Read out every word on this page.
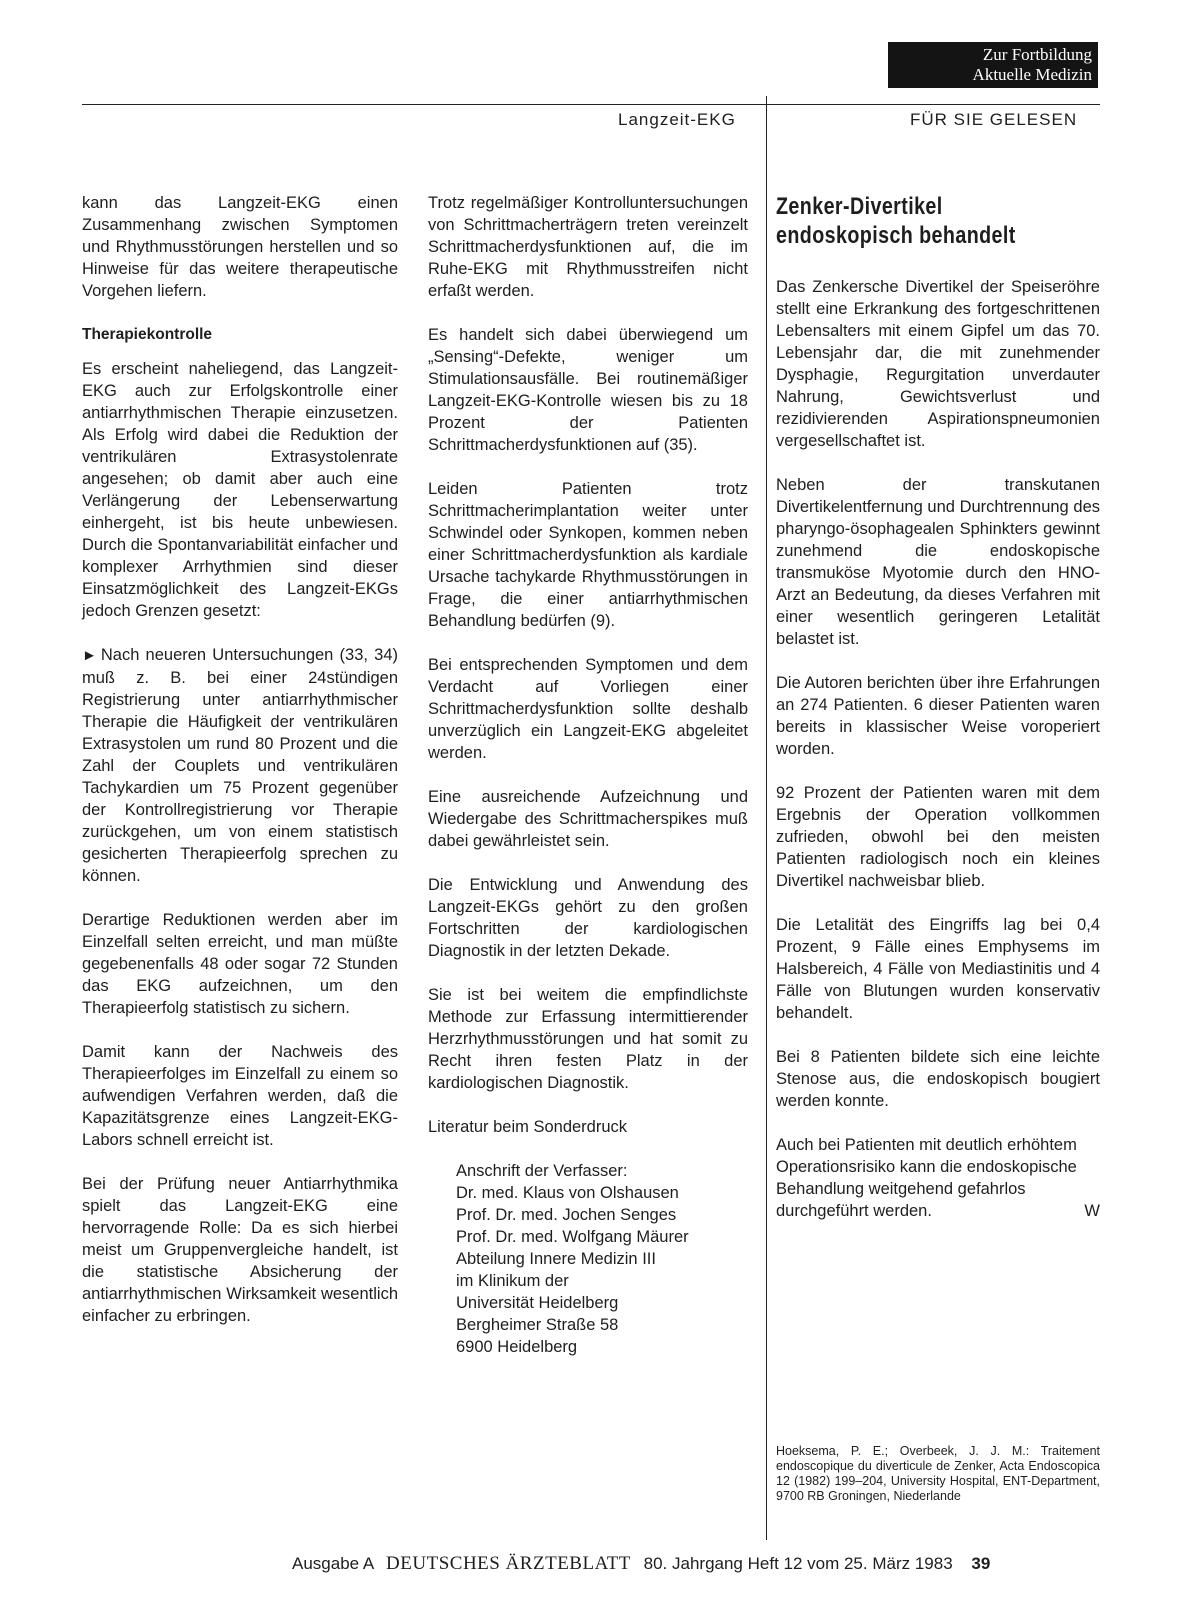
Zur Fortbildung
Aktuelle Medizin
Langzeit-EKG	FÜR SIE GELESEN

kann das Langzeit-EKG einen Zusammenhang zwischen Symptomen und Rhythmusstörungen herstellen und so Hinweise für das weitere therapeutische Vorgehen liefern.

Therapiekontrolle

Es erscheint naheliegend, das Langzeit-EKG auch zur Erfolgskontrolle einer antiarrhythmischen Therapie einzusetzen. Als Erfolg wird dabei die Reduktion der ventrikulären Extrasystolenrate angesehen; ob damit aber auch eine Verlängerung der Lebenserwartung einhergeht, ist bis heute unbewiesen. Durch die Spontanvariabilität einfacher und komplexer Arrhythmien sind dieser Einsatzmöglichkeit des Langzeit-EKGs jedoch Grenzen gesetzt:

► Nach neueren Untersuchungen (33, 34) muß z. B. bei einer 24stündigen Registrierung unter antiarrhythmischer Therapie die Häufigkeit der ventrikulären Extrasystolen um rund 80 Prozent und die Zahl der Couplets und ventrikulären Tachykardien um 75 Prozent gegenüber der Kontrollregistrierung vor Therapie zurückgehen, um von einem statistisch gesicherten Therapieerfolg sprechen zu können.

Derartige Reduktionen werden aber im Einzelfall selten erreicht, und man müßte gegebenenfalls 48 oder sogar 72 Stunden das EKG aufzeichnen, um den Therapieerfolg statistisch zu sichern.

Damit kann der Nachweis des Therapieerfolges im Einzelfall zu einem so aufwendigen Verfahren werden, daß die Kapazitätsgrenze eines Langzeit-EKG-Labors schnell erreicht ist.

Bei der Prüfung neuer Antiarrhythmika spielt das Langzeit-EKG eine hervorragende Rolle: Da es sich hierbei meist um Gruppenvergleiche handelt, ist die statistische Absicherung der antiarrhythmischen Wirksamkeit wesentlich einfacher zu erbringen.

Trotz regelmäßiger Kontrolluntersuchungen von Schrittmacherträgern treten vereinzelt Schrittmacherdysfunktionen auf, die im Ruhe-EKG mit Rhythmusstreifen nicht erfaßt werden.

Es handelt sich dabei überwiegend um „Sensing“-Defekte, weniger um Stimulationsausfälle. Bei routinemäßiger Langzeit-EKG-Kontrolle wiesen bis zu 18 Prozent der Patienten Schrittmacherdysfunktionen auf (35).

Leiden Patienten trotz Schrittmacherimplantation weiter unter Schwindel oder Synkopen, kommen neben einer Schrittmacherdysfunktion als kardiale Ursache tachykarde Rhythmusstörungen in Frage, die einer antiarrhythmischen Behandlung bedürfen (9).

Bei entsprechenden Symptomen und dem Verdacht auf Vorliegen einer Schrittmacherdysfunktion sollte deshalb unverzüglich ein Langzeit-EKG abgeleitet werden.

Eine ausreichende Aufzeichnung und Wiedergabe des Schrittmacherspikes muß dabei gewährleistet sein.

Die Entwicklung und Anwendung des Langzeit-EKGs gehört zu den großen Fortschritten der kardiologischen Diagnostik in der letzten Dekade.

Sie ist bei weitem die empfindlichste Methode zur Erfassung intermittierender Herzrhythmusstörungen und hat somit zu Recht ihren festen Platz in der kardiologischen Diagnostik.

Literatur beim Sonderdruck

Anschrift der Verfasser:
Dr. med. Klaus von Olshausen
Prof. Dr. med. Jochen Senges
Prof. Dr. med. Wolfgang Mäurer
Abteilung Innere Medizin III
im Klinikum der
Universität Heidelberg
Bergheimer Straße 58
6900 Heidelberg
Zenker-Divertikel
endoskopisch behandelt

Das Zenkersche Divertikel der Speiseröhre stellt eine Erkrankung des fortgeschrittenen Lebensalters mit einem Gipfel um das 70. Lebensjahr dar, die mit zunehmender Dysphagie, Regurgitation unverdauter Nahrung, Gewichtsverlust und rezidivierenden Aspirationspneumonien vergesellschaftet ist.

Neben der transkutanen Divertikelentfernung und Durchtrennung des pharyngo-ösophagealen Sphinkters gewinnt zunehmend die endoskopische transmuköse Myotomie durch den HNO-Arzt an Bedeutung, da dieses Verfahren mit einer wesentlich geringeren Letalität belastet ist.

Die Autoren berichten über ihre Erfahrungen an 274 Patienten. 6 dieser Patienten waren bereits in klassischer Weise voroperiert worden.

92 Prozent der Patienten waren mit dem Ergebnis der Operation vollkommen zufrieden, obwohl bei den meisten Patienten radiologisch noch ein kleines Divertikel nachweisbar blieb.

Die Letalität des Eingriffs lag bei 0,4 Prozent, 9 Fälle eines Emphysems im Halsbereich, 4 Fälle von Mediastinitis und 4 Fälle von Blutungen wurden konservativ behandelt.

Bei 8 Patienten bildete sich eine leichte Stenose aus, die endoskopisch bougiert werden konnte.

Auch bei Patienten mit deutlich erhöhtem Operationsrisiko kann die endoskopische Behandlung weitgehend gefahrlos durchgeführt werden.	W

Hoeksema, P. E.; Overbeek, J. J. M.: Traitement endoscopique du diverticule de Zenker, Acta Endoscopica 12 (1982) 199–204, University Hospital, ENT-Department, 9700 RB Groningen, Niederlande
Ausgabe A DEUTSCHES ÄRZTEBLATT 80. Jahrgang Heft 12 vom 25. März 1983 39
